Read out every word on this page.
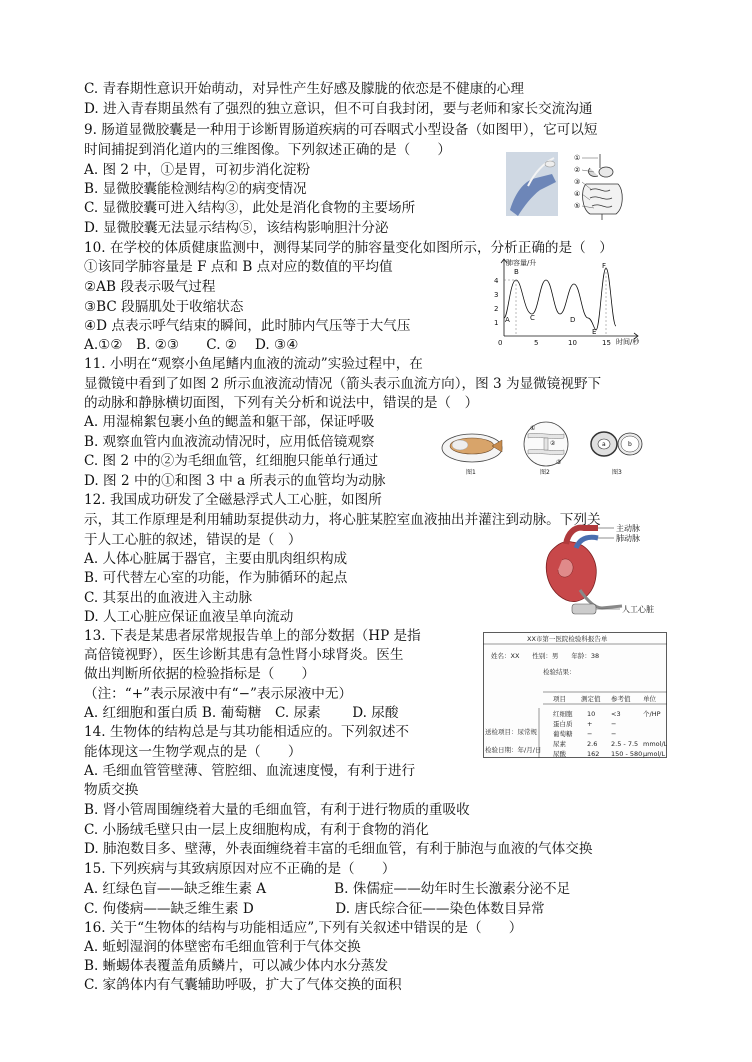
C. 青春期性意识开始萌动，对异性产生好感及朦胧的依恋是不健康的心理
D. 进入青春期虽然有了强烈的独立意识，但不可自我封闭，要与老师和家长交流沟通
9. 肠道显微胶囊是一种用于诊断胃肠道疾病的可吞咽式小型设备（如图甲），它可以短
时间捕捉到消化道内的三维图像。下列叙述正确的是（　　）
A. 图 2 中，①是胃，可初步消化淀粉
B. 显微胶囊能检测结构②的病变情况
C. 显微胶囊可进入结构③，此处是消化食物的主要场所
D. 显微胶囊无法显示结构⑤，该结构影响胆汁分泌
10. 在学校的体质健康监测中，测得某同学的肺容量变化如图所示，分析正确的是（　）
①该同学肺容量是 F 点和 B 点对应的数值的平均值
②AB 段表示吸气过程
③BC 段膈肌处于收缩状态
④D 点表示呼气结束的瞬间，此时肺内气压等于大气压
A.①②　B. ②③　　C. ②　 D. ③④
11. 小明在“观察小鱼尾鳍内血液的流动”实验过程中，在
显微镜中看到了如图 2 所示血液流动情况（箭头表示血流方向），图 3 为显微镜视野下
的动脉和静脉横切面图，下列有关分析和说法中，错误的是（　）
A. 用湿棉絮包裹小鱼的鳃盖和躯干部，保证呼吸
B. 观察血管内血液流动情况时，应用低倍镜观察
C. 图 2 中的②为毛细血管，红细胞只能单行通过
D. 图 2 中的①和图 3 中 a 所表示的血管均为动脉
12. 我国成功研发了全磁悬浮式人工心脏，如图所
示，其工作原理是利用辅助泵提供动力，将心脏某腔室血液抽出并灌注到动脉。下列关
于人工心脏的叙述，错误的是（　）
A. 人体心脏属于器官，主要由肌肉组织构成
B. 可代替左心室的功能，作为肺循环的起点
C. 其泵出的血液进入主动脉
D. 人工心脏应保证血液呈单向流动
13. 下表是某患者尿常规报告单上的部分数据（HP 是指
高倍镜视野），医生诊断其患有急性肾小球肾炎。医生
做出判断所依据的检验指标是（　　）
（注：“+”表示尿液中有“−”表示尿液中无）
A. 红细胞和蛋白质 B. 葡萄糖　C. 尿素　　 D. 尿酸
14. 生物体的结构总是与其功能相适应的。下列叙述不
能体现这一生物学观点的是（　　）
A. 毛细血管管壁薄、管腔细、血流速度慢，有利于进行
物质交换
B. 肾小管周围缠绕着大量的毛细血管，有利于进行物质的重吸收
C. 小肠绒毛壁只由一层上皮细胞构成，有利于食物的消化
D. 肺泡数目多、壁薄，外表面缠绕着丰富的毛细血管，有利于肺泡与血液的气体交换
15. 下列疾病与其致病原因对应不正确的是（　　）
A. 红绿色盲——缺乏维生素 A　　　　　B. 侏儒症——幼年时生长激素分泌不足
C. 佝偻病——缺乏维生素 D　　　　　　D. 唐氏综合征——染色体数目异常
16. 关于“生物体的结构与功能相适应”,下列有关叙述中错误的是（　　）
A. 蚯蚓湿润的体壁密布毛细血管利于气体交换
B. 蜥蜴体表覆盖角质鳞片，可以减少体内水分蒸发
C. 家鸽体内有气囊辅助呼吸，扩大了气体交换的面积
①
②
③
④
⑤
肺容量/升
时间/秒
4
3
2
1
0	5	10	15
A
B
C	D
E
F
①
②
③
a	b
图1	图2	图3
主动脉
肺动脉
人工心脏
XX市第一医院检验科报告单
姓名：XX　　性别：男　　年龄：38
检验结果：
项目 测定值 参考值 单位
送检项目：尿常规
检验日期：年/月/日
红细胞 10 <3	个/HP
蛋白质 +	−
葡萄糖 −	−
尿素	2.6 2.5 - 7.5 mmol/L
尿酸	162 150 - 580 μmol/L
